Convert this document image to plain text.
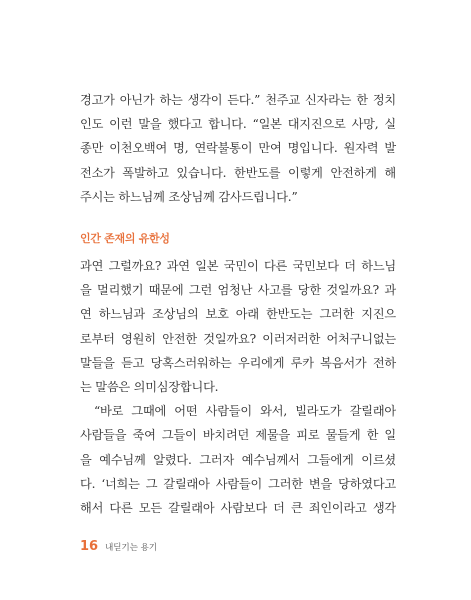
경고가 아닌가 하는 생각이 든다.” 천주교 신자라는 한 정치
인도 이런 말을 했다고 합니다. “일본 대지진으로 사망, 실
종만 이천오백여 명, 연락불통이 만여 명입니다. 원자력 발
전소가 폭발하고 있습니다. 한반도를 이렇게 안전하게 해
주시는 하느님께 조상님께 감사드립니다.”
인간 존재의 유한성
과연 그럴까요? 과연 일본 국민이 다른 국민보다 더 하느님
을 멀리했기 때문에 그런 엄청난 사고를 당한 것일까요? 과
연 하느님과 조상님의 보호 아래 한반도는 그러한 지진으
로부터 영원히 안전한 것일까요? 이러저러한 어처구니없는
말들을 듣고 당혹스러워하는 우리에게 루카 복음서가 전하
는 말씀은 의미심장합니다.
“바로 그때에 어떤 사람들이 와서, 빌라도가 갈릴래아
사람들을 죽여 그들이 바치려던 제물을 피로 물들게 한 일
을 예수님께 알렸다. 그러자 예수님께서 그들에게 이르셨
다. ‘너희는 그 갈릴래아 사람들이 그러한 변을 당하였다고
해서 다른 모든 갈릴래아 사람보다 더 큰 죄인이라고 생각
16 내딛기는 용기
